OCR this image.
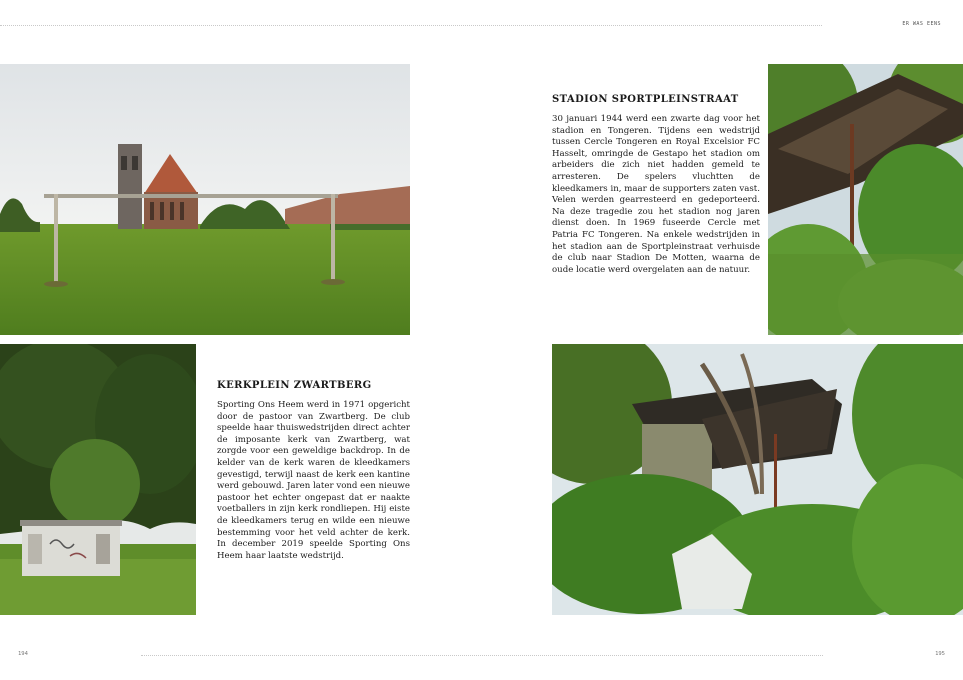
ER WAS EENS
STADION SPORTPLEINSTRAAT

30 januari 1944 werd een zwarte dag voor het stadion en Tongeren. Tijdens een wedstrijd tussen Cercle Tongeren en Royal Excelsior FC Hasselt, omringde de Gestapo het stadion om arbeiders die zich niet hadden gemeld te arresteren. De spelers vluchtten de kleedkamers in, maar de supporters zaten vast. Velen werden gearresteerd en gedeporteerd. Na deze tragedie zou het stadion nog jaren dienst doen. In 1969 fuseerde Cercle met Patria FC Tongeren. Na enkele wedstrijden in het stadion aan de Sportpleinstraat verhuisde de club naar Stadion De Motten, waarna de oude locatie werd overgelaten aan de natuur.

KERKPLEIN ZWARTBERG

Sporting Ons Heem werd in 1971 opgericht door de pastoor van Zwartberg. De club speelde haar thuiswedstrijden direct achter de imposante kerk van Zwartberg, wat zorgde voor een geweldige backdrop. In de kelder van de kerk waren de kleedkamers gevestigd, terwijl naast de kerk een kantine werd gebouwd. Jaren later vond een nieuwe pastoor het echter ongepast dat er naakte voetballers in zijn kerk rondliepen. Hij eiste de kleedkamers terug en wilde een nieuwe bestemming voor het veld achter de kerk. In december 2019 speelde Sporting Ons Heem haar laatste wedstrijd.

194	195
